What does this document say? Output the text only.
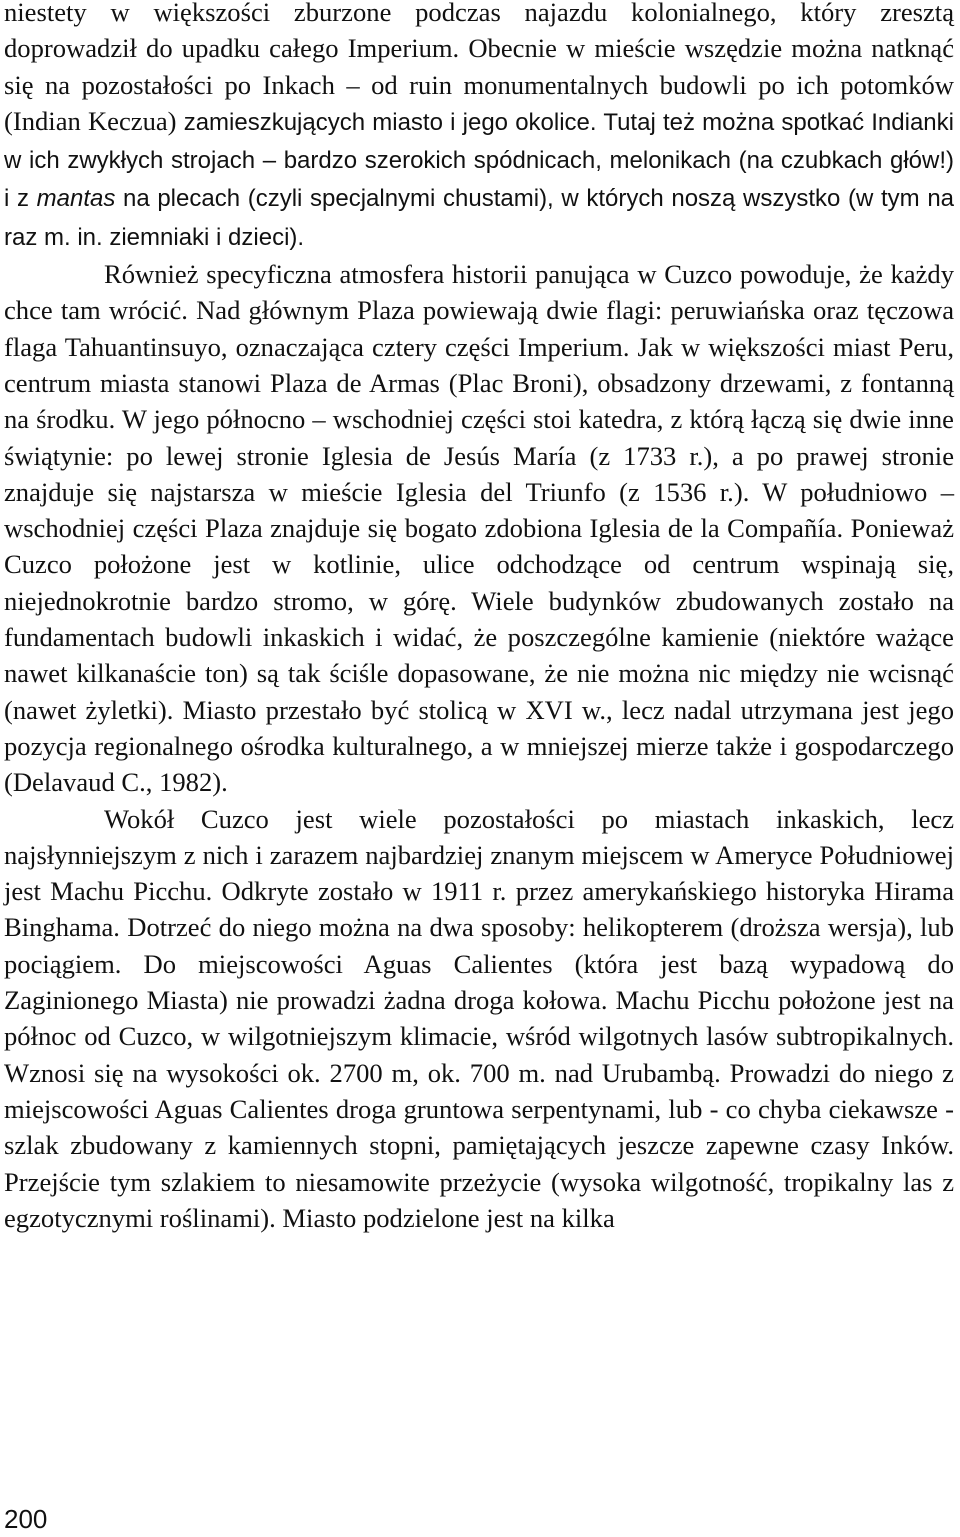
niestety w większości zburzone podczas najazdu kolonialnego, który zresztą doprowadził do upadku całego Imperium. Obecnie w mieście wszędzie można natknąć się na pozostałości po Inkach – od ruin monumentalnych budowli po ich potomków (Indian Keczua) zamieszkujących miasto i jego okolice. Tutaj też można spotkać Indianki w ich zwykłych strojach – bardzo szerokich spódnicach, melonikach (na czubkach głów!) i z mantas na plecach (czyli specjalnymi chustami), w których noszą wszystko (w tym na raz m. in. ziemniaki i dzieci).

Również specyficzna atmosfera historii panująca w Cuzco powoduje, że każdy chce tam wrócić. Nad głównym Plaza powiewają dwie flagi: peruwiańska oraz tęczowa flaga Tahuantinsuyo, oznaczająca cztery części Imperium. Jak w większości miast Peru, centrum miasta stanowi Plaza de Armas (Plac Broni), obsadzony drzewami, z fontanną na środku. W jego północno – wschodniej części stoi katedra, z którą łączą się dwie inne świątynie: po lewej stronie Iglesia de Jesús María (z 1733 r.), a po prawej stronie znajduje się najstarsza w mieście Iglesia del Triunfo (z 1536 r.). W południowo – wschodniej części Plaza znajduje się bogato zdobiona Iglesia de la Compañía. Ponieważ Cuzco położone jest w kotlinie, ulice odchodzące od centrum wspinają się, niejednokrotnie bardzo stromo, w górę. Wiele budynków zbudowanych zostało na fundamentach budowli inkaskich i widać, że poszczególne kamienie (niektóre ważące nawet kilkanaście ton) są tak ściśle dopasowane, że nie można nic między nie wcisnąć (nawet żyletki). Miasto przestało być stolicą w XVI w., lecz nadal utrzymana jest jego pozycja regionalnego ośrodka kulturalnego, a w mniejszej mierze także i gospodarczego (Delavaud C., 1982).

Wokół Cuzco jest wiele pozostałości po miastach inkaskich, lecz najsłynniejszym z nich i zarazem najbardziej znanym miejscem w Ameryce Południowej jest Machu Picchu. Odkryte zostało w 1911 r. przez amerykańskiego historyka Hirama Binghama. Dotrzeć do niego można na dwa sposoby: helikopterem (droższa wersja), lub pociągiem. Do miejscowości Aguas Calientes (która jest bazą wypadową do Zaginionego Miasta) nie prowadzi żadna droga kołowa. Machu Picchu położone jest na północ od Cuzco, w wilgotniejszym klimacie, wśród wilgotnych lasów subtropikalnych. Wznosi się na wysokości ok. 2700 m, ok. 700 m. nad Urubambą. Prowadzi do niego z miejscowości Aguas Calientes droga gruntowa serpentynami, lub - co chyba ciekawsze - szlak zbudowany z kamiennych stopni, pamiętających jeszcze zapewne czasy Inków. Przejście tym szlakiem to niesamowite przeżycie (wysoka wilgotność, tropikalny las z egzotycznymi roślinami). Miasto podzielone jest na kilka

200
